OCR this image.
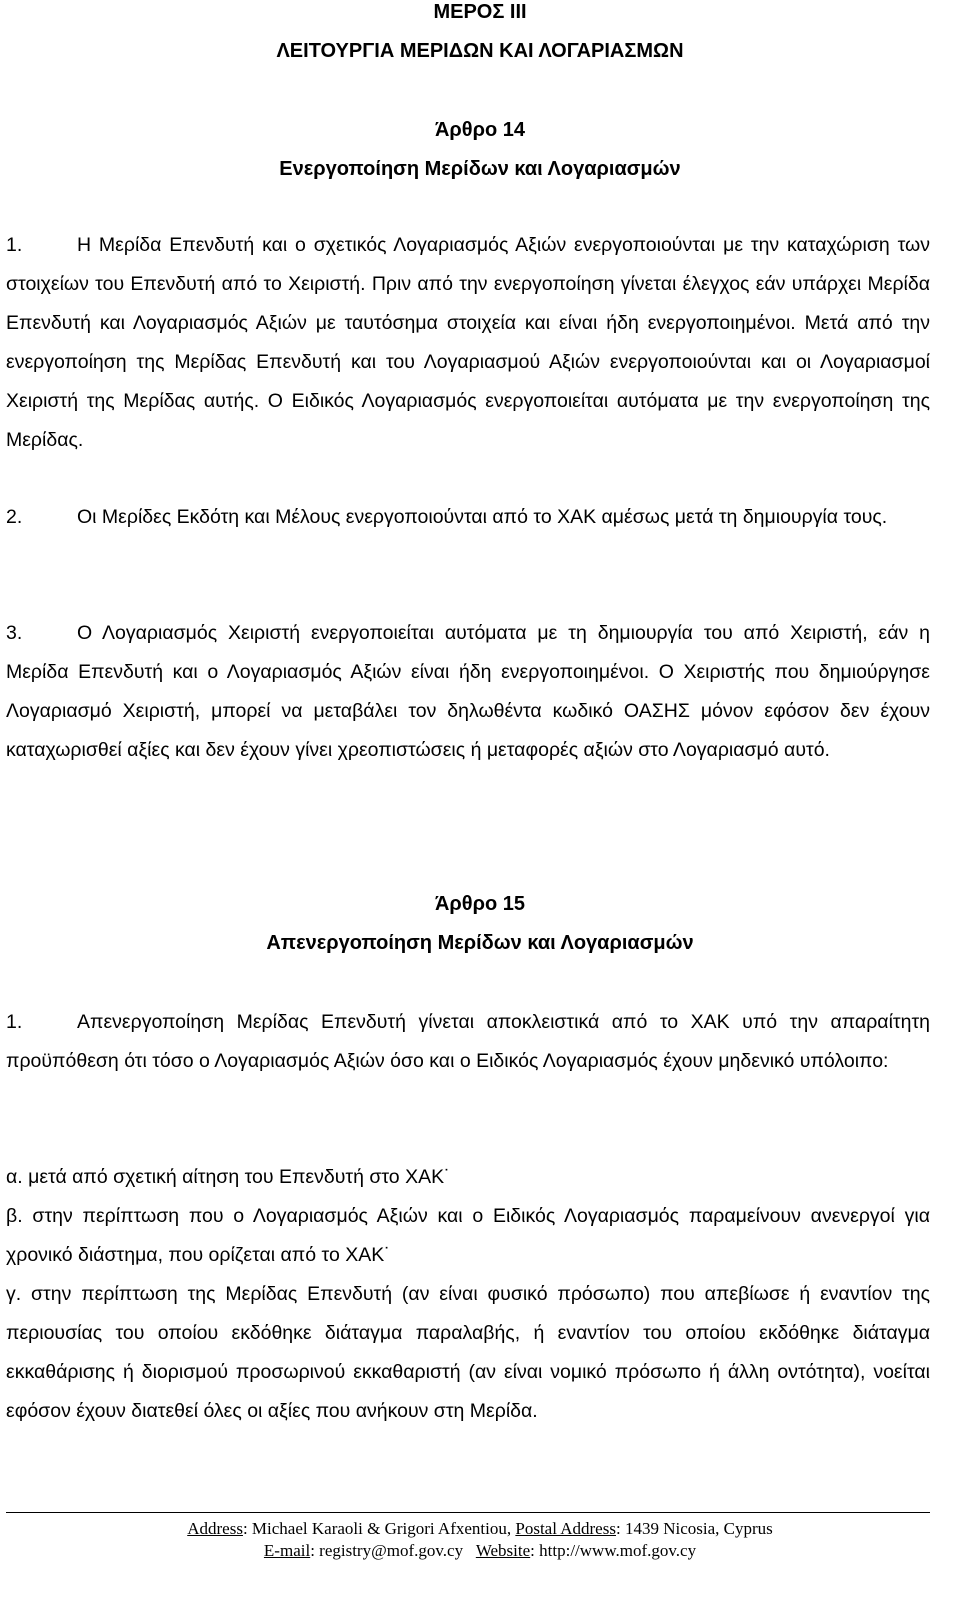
ΜΕΡΟΣ ΙΙΙ
ΛΕΙΤΟΥΡΓΙΑ ΜΕΡΙΔΩΝ ΚΑΙ ΛΟΓΑΡΙΑΣΜΩΝ
Άρθρο 14
Ενεργοποίηση Μερίδων και Λογαριασμών
1.	Η Μερίδα Επενδυτή και ο σχετικός Λογαριασμός Αξιών ενεργοποιούνται με την καταχώριση των στοιχείων του Επενδυτή από το Χειριστή. Πριν από την ενεργοποίηση γίνεται έλεγχος εάν υπάρχει Μερίδα Επενδυτή και Λογαριασμός Αξιών με ταυτόσημα στοιχεία και είναι ήδη ενεργοποιημένοι. Μετά από την ενεργοποίηση της Μερίδας Επενδυτή και του Λογαριασμού Αξιών ενεργοποιούνται και οι Λογαριασμοί Χειριστή της Μερίδας αυτής. Ο Ειδικός Λογαριασμός ενεργοποιείται αυτόματα με την ενεργοποίηση της Μερίδας.
2.	Οι Μερίδες Εκδότη και Μέλους ενεργοποιούνται από το ΧΑΚ αμέσως μετά τη δημιουργία τους.
3.	Ο Λογαριασμός Χειριστή ενεργοποιείται αυτόματα με τη δημιουργία του από Χειριστή, εάν η Μερίδα Επενδυτή και ο Λογαριασμός Αξιών είναι ήδη ενεργοποιημένοι. Ο Χειριστής που δημιούργησε Λογαριασμό Χειριστή, μπορεί να μεταβάλει τον δηλωθέντα κωδικό ΟΑΣΗΣ μόνον εφόσον δεν έχουν καταχωρισθεί αξίες και δεν έχουν γίνει χρεοπιστώσεις ή μεταφορές αξιών στο Λογαριασμό αυτό.
Άρθρο 15
Απενεργοποίηση Μερίδων και Λογαριασμών
1.	Απενεργοποίηση Μερίδας Επενδυτή γίνεται αποκλειστικά από το ΧΑΚ υπό την απαραίτητη προϋπόθεση ότι τόσο ο Λογαριασμός Αξιών όσο και ο Ειδικός Λογαριασμός έχουν μηδενικό υπόλοιπο:
α. μετά από σχετική αίτηση του Επενδυτή στο ΧΑΚ˙
β. στην περίπτωση που ο Λογαριασμός Αξιών και ο Ειδικός Λογαριασμός παραμείνουν ανενεργοί για χρονικό διάστημα, που ορίζεται από το ΧΑΚ˙
γ. στην περίπτωση της Μερίδας Επενδυτή (αν είναι φυσικό πρόσωπο) που απεβίωσε ή εναντίον της περιουσίας του οποίου εκδόθηκε διάταγμα παραλαβής, ή εναντίον του οποίου εκδόθηκε διάταγμα εκκαθάρισης ή διορισμού προσωρινού εκκαθαριστή (αν είναι νομικό πρόσωπο ή άλλη οντότητα), νοείται εφόσον έχουν διατεθεί όλες οι αξίες που ανήκουν στη Μερίδα.
Address: Michael Karaoli & Grigori Afxentiou, Postal Address: 1439 Nicosia, Cyprus
E-mail: registry@mof.gov.cy Website: http://www.mof.gov.cy
